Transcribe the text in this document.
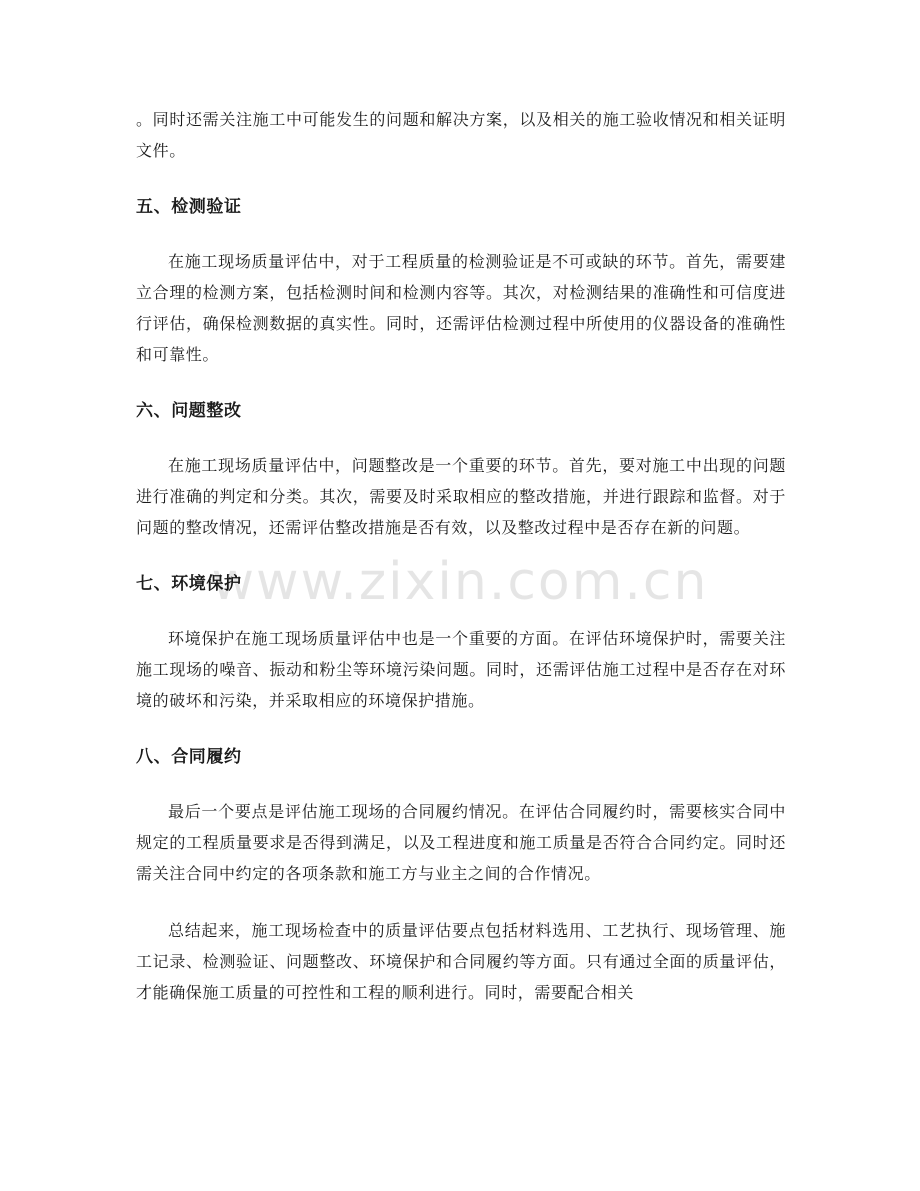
。同时还需关注施工中可能发生的问题和解决方案，以及相关的施工验收情况和相关证明文件。

五、检测验证

在施工现场质量评估中，对于工程质量的检测验证是不可或缺的环节。首先，需要建立合理的检测方案，包括检测时间和检测内容等。其次，对检测结果的准确性和可信度进行评估，确保检测数据的真实性。同时，还需评估检测过程中所使用的仪器设备的准确性和可靠性。

六、问题整改

在施工现场质量评估中，问题整改是一个重要的环节。首先，要对施工中出现的问题进行准确的判定和分类。其次，需要及时采取相应的整改措施，并进行跟踪和监督。对于问题的整改情况，还需评估整改措施是否有效，以及整改过程中是否存在新的问题。

七、环境保护

环境保护在施工现场质量评估中也是一个重要的方面。在评估环境保护时，需要关注施工现场的噪音、振动和粉尘等环境污染问题。同时，还需评估施工过程中是否存在对环境的破坏和污染，并采取相应的环境保护措施。

八、合同履约

最后一个要点是评估施工现场的合同履约情况。在评估合同履约时，需要核实合同中规定的工程质量要求是否得到满足，以及工程进度和施工质量是否符合合同约定。同时还需关注合同中约定的各项条款和施工方与业主之间的合作情况。

总结起来，施工现场检查中的质量评估要点包括材料选用、工艺执行、现场管理、施工记录、检测验证、问题整改、环境保护和合同履约等方面。只有通过全面的质量评估，才能确保施工质量的可控性和工程的顺利进行。同时，需要配合相关

www.zixin.com.cn
